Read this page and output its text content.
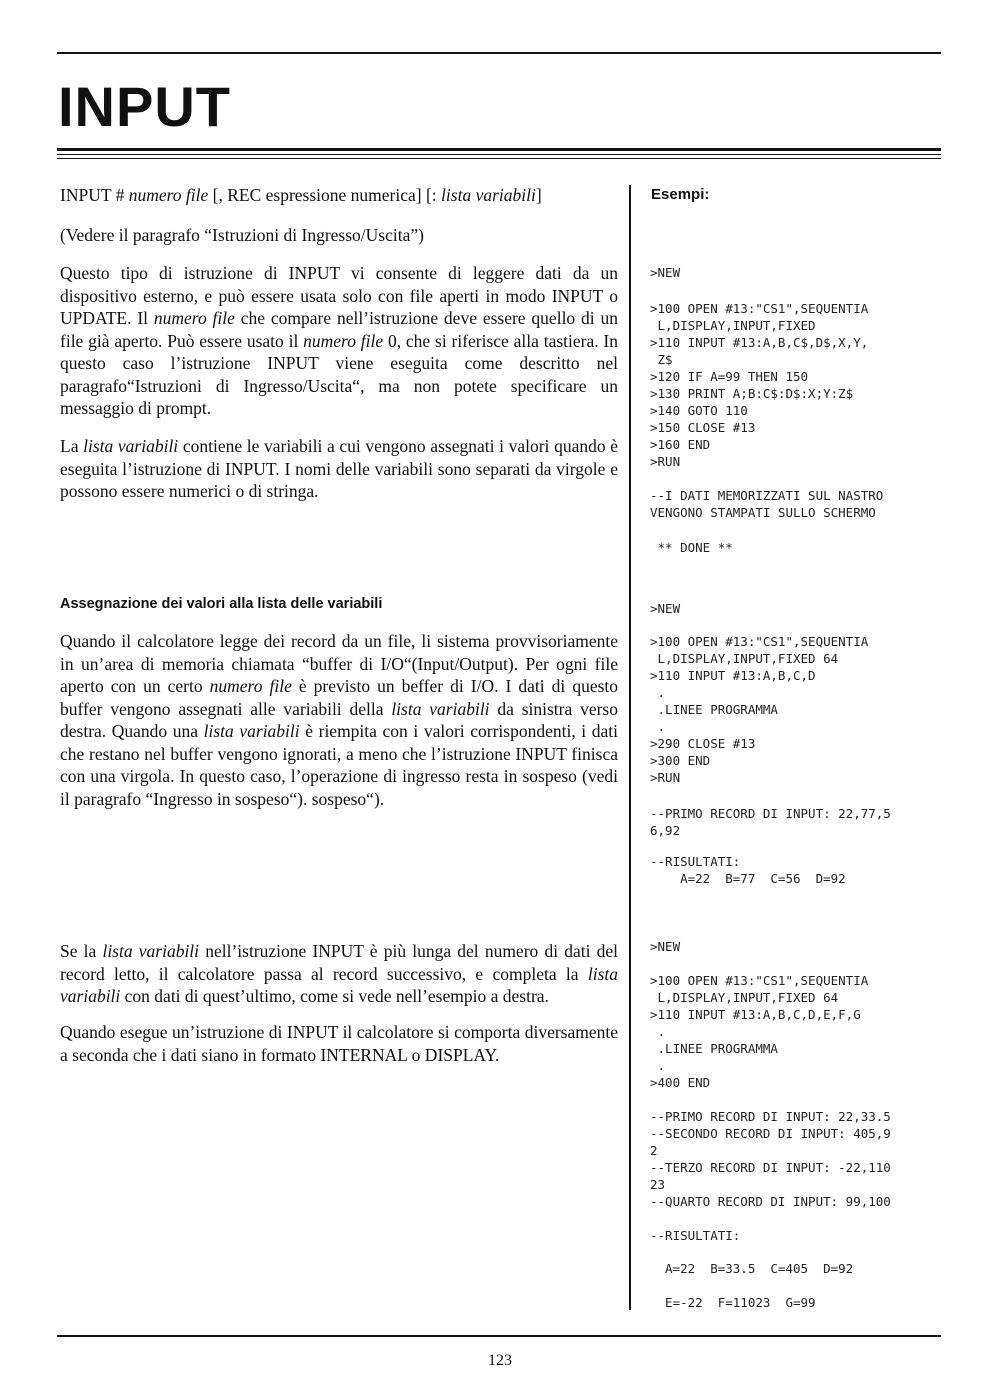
INPUT

INPUT # numero file [, REC espressione numerica] [: lista variabili]

(Vedere il paragrafo “Istruzioni di Ingresso/Uscita”)

Questo tipo di istruzione di INPUT vi consente di leggere dati da un dispositivo esterno, e può essere usata solo con file aperti in modo INPUT o UPDATE. Il numero file che compare nell’istruzione deve essere quello di un file già aperto. Può essere usato il numero file 0, che si riferisce alla tastiera. In questo caso l’istruzione INPUT viene eseguita come descritto nel paragrafo“Istruzioni di Ingresso/Uscita“, ma non potete specificare un messaggio di prompt.

La lista variabili contiene le variabili a cui vengono assegnati i valori quando è eseguita l’istruzione di INPUT. I nomi delle variabili sono separati da virgole e possono essere numerici o di stringa.

Assegnazione dei valori alla lista delle variabili

Quando il calcolatore legge dei record da un file, li sistema provvisoriamente in un’area di memoria chiamata “buffer di I/O“(Input/Output). Per ogni file aperto con un certo numero file è previsto un beffer di I/O. I dati di questo buffer vengono assegnati alle variabili della lista variabili da sinistra verso destra. Quando una lista variabili è riempita con i valori corrispondenti, i dati che restano nel buffer vengono ignorati, a meno che l’istruzione INPUT finisca con una virgola. In questo caso, l’operazione di ingresso resta in sospeso (vedi il paragrafo “Ingresso in sospeso“). sospeso“).

Se la lista variabili nell’istruzione INPUT è più lunga del numero di dati del record letto, il calcolatore passa al record successivo, e completa la lista variabili con dati di quest’ultimo, come si vede nell’esempio a destra.

Quando esegue un’istruzione di INPUT il calcolatore si comporta diversamente a seconda che i dati siano in formato INTERNAL o DISPLAY.

Esempi:
>NEW
>100 OPEN #13:"CS1",SEQUENTIA
L,DISPLAY,INPUT,FIXED
>110 INPUT #13:A,B,C$,D$,X,Y,
Z$
>120 IF A=99 THEN 150
>130 PRINT A;B:C$:D$:X;Y:Z$
>140 GOTO 110
>150 CLOSE #13
>160 END
>RUN
--I DATI MEMORIZZATI SUL NASTRO
VENGONO STAMPATI SULLO SCHERMO
** DONE **
>NEW
>100 OPEN #13:"CS1",SEQUENTIA
L,DISPLAY,INPUT,FIXED 64
>110 INPUT #13:A,B,C,D
.
.LINEE PROGRAMMA
.
>290 CLOSE #13
>300 END
>RUN
--PRIMO RECORD DI INPUT: 22,77,5
6,92
--RISULTATI:
A=22  B=77  C=56  D=92
>NEW
>100 OPEN #13:"CS1",SEQUENTIA
L,DISPLAY,INPUT,FIXED 64
>110 INPUT #13:A,B,C,D,E,F,G
.
.LINEE PROGRAMMA
.
>400 END
--PRIMO RECORD DI INPUT: 22,33.5
--SECONDO RECORD DI INPUT: 405,9
2
--TERZO RECORD DI INPUT: -22,110
23
--QUARTO RECORD DI INPUT: 99,100
--RISULTATI:
A=22  B=33.5  C=405  D=92
E=-22  F=11023  G=99
123
